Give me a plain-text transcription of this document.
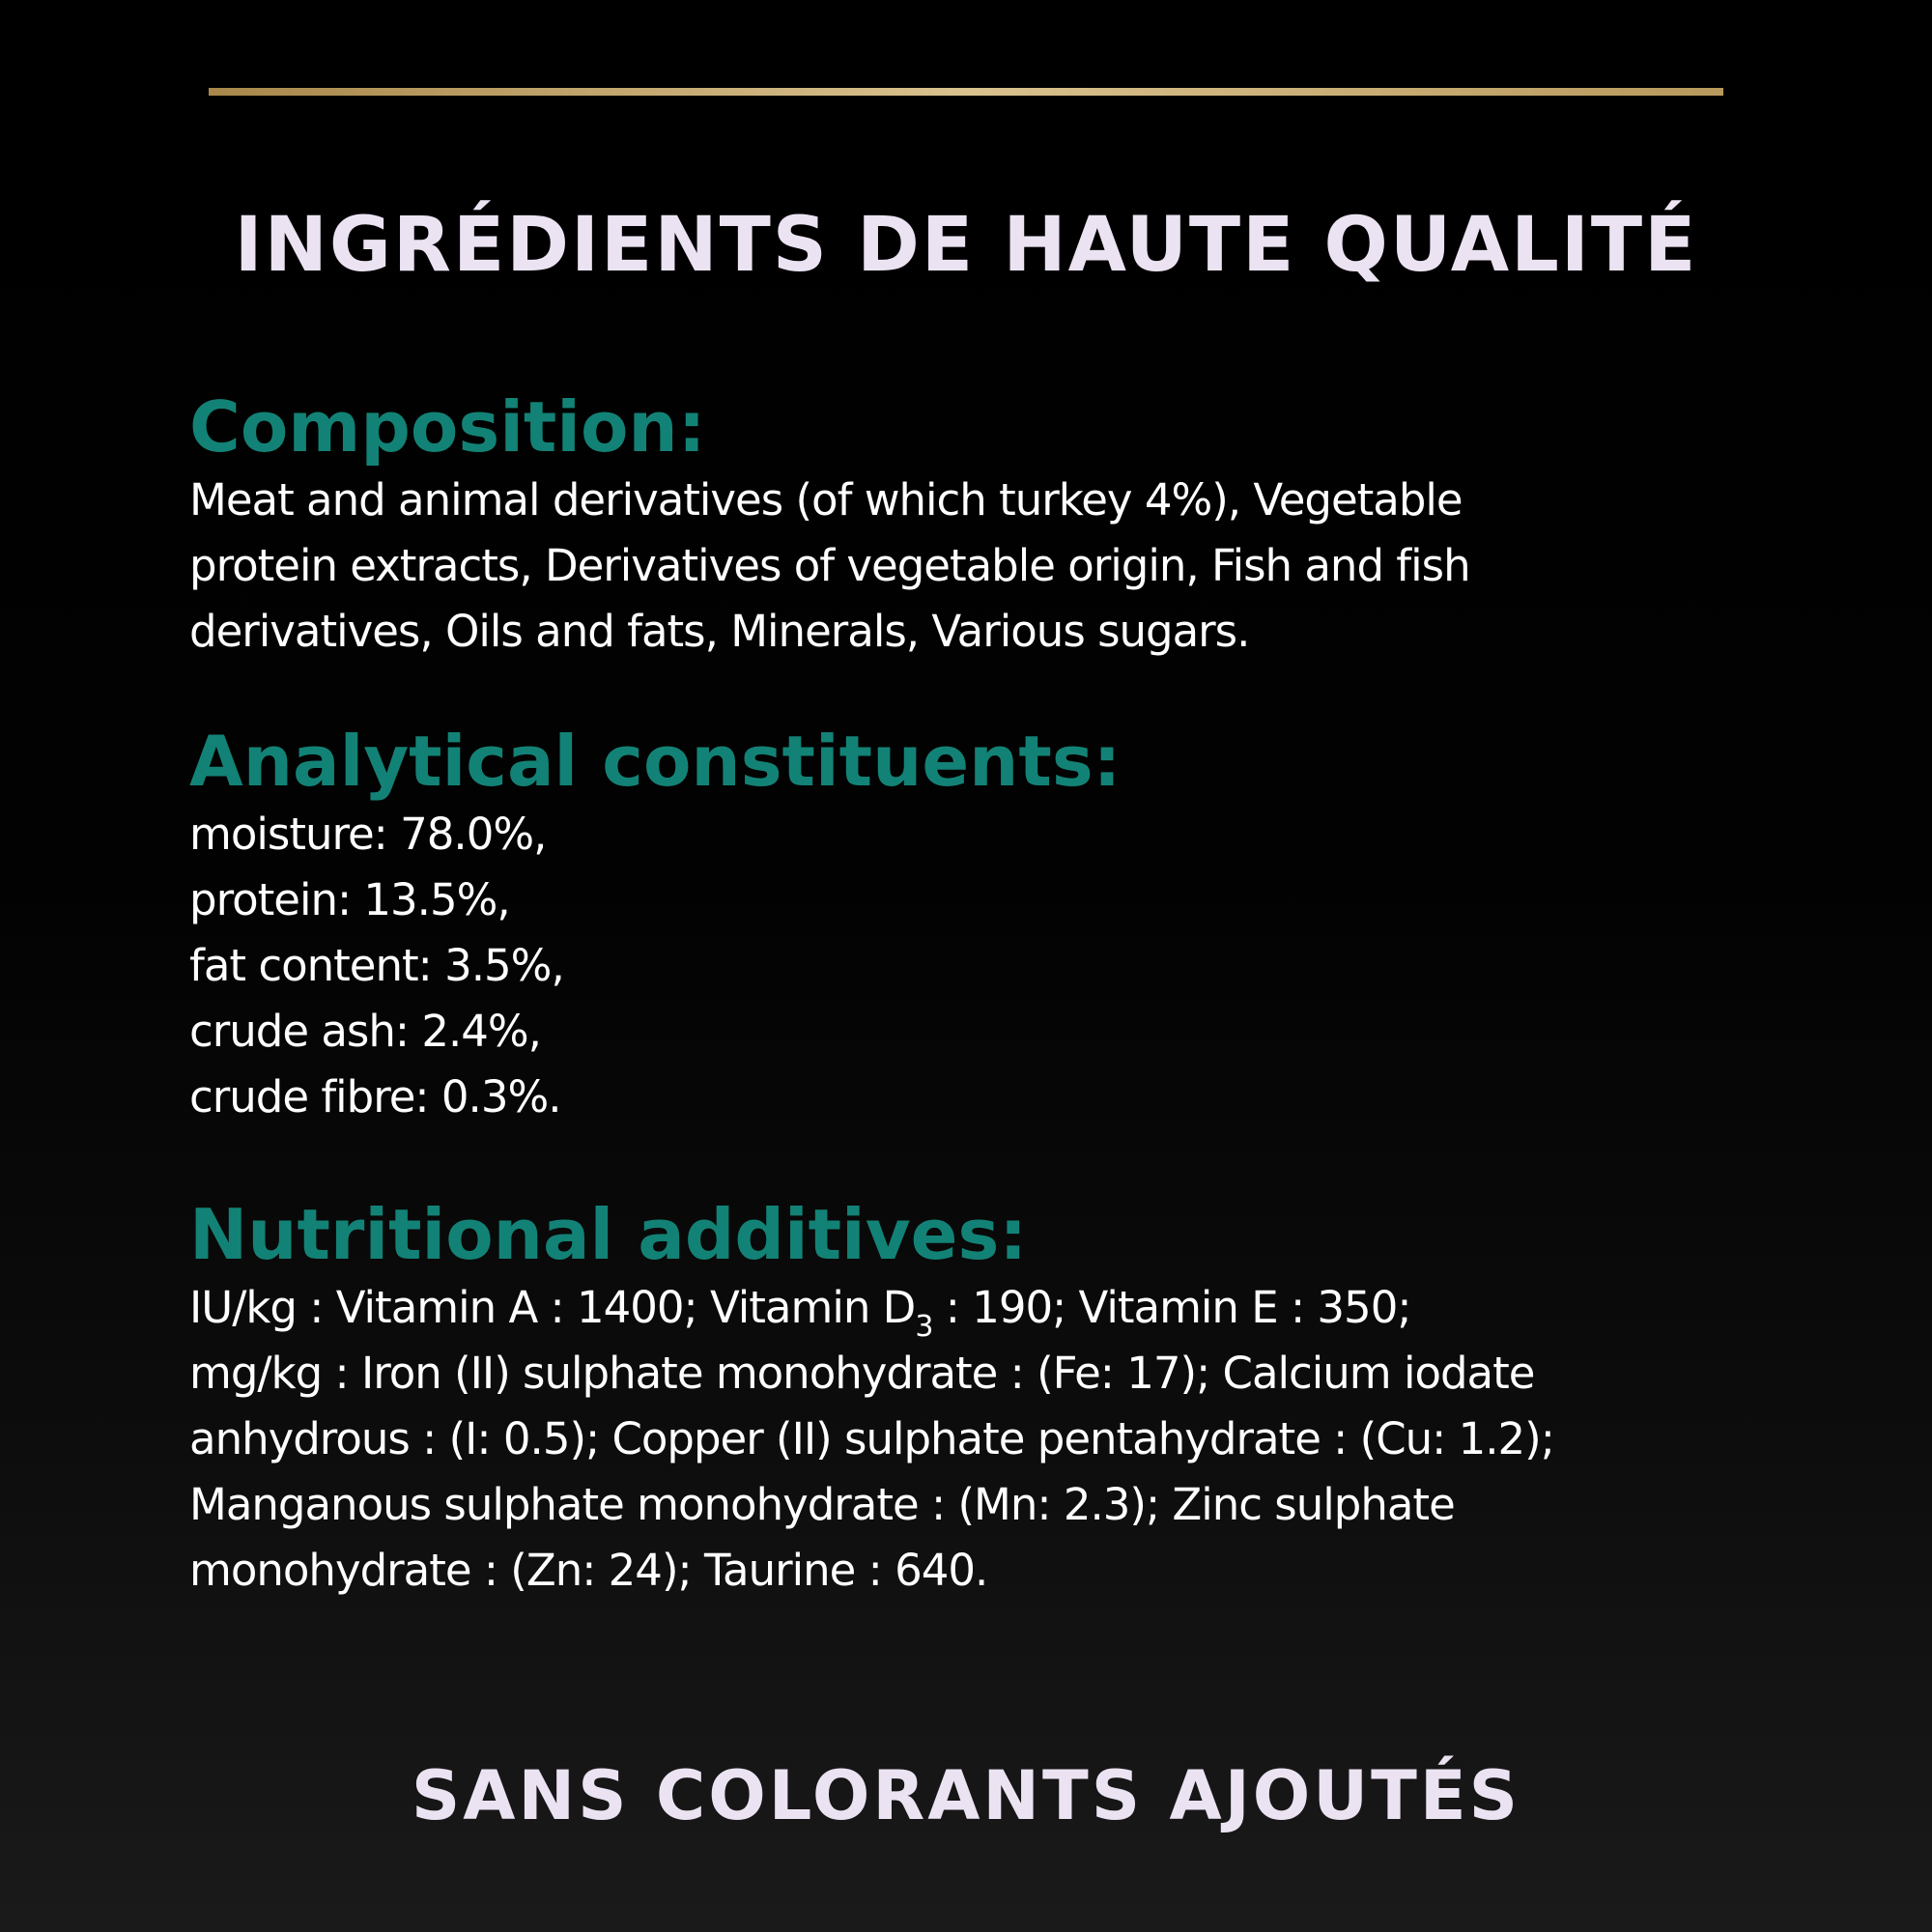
INGRÉDIENTS DE HAUTE QUALITÉ
Composition:

Meat and animal derivatives (of which turkey 4%), Vegetable
protein extracts, Derivatives of vegetable origin, Fish and fish
derivatives, Oils and fats, Minerals, Various sugars.

Analytical constituents:

moisture: 78.0%,
protein: 13.5%,
fat content: 3.5%,
crude ash: 2.4%,
crude fibre: 0.3%.

Nutritional additives:

IU/kg : Vitamin A : 1400; Vitamin $D_3$ : 190; Vitamin E : 350;
mg/kg : Iron (II) sulphate monohydrate : (Fe: 17); Calcium iodate
anhydrous : (I: 0.5); Copper (II) sulphate pentahydrate : (Cu: 1.2);
Manganous sulphate monohydrate : (Mn: 2.3); Zinc sulphate
monohydrate : (Zn: 24); Taurine : 640.

SANS COLORANTS AJOUTÉS
